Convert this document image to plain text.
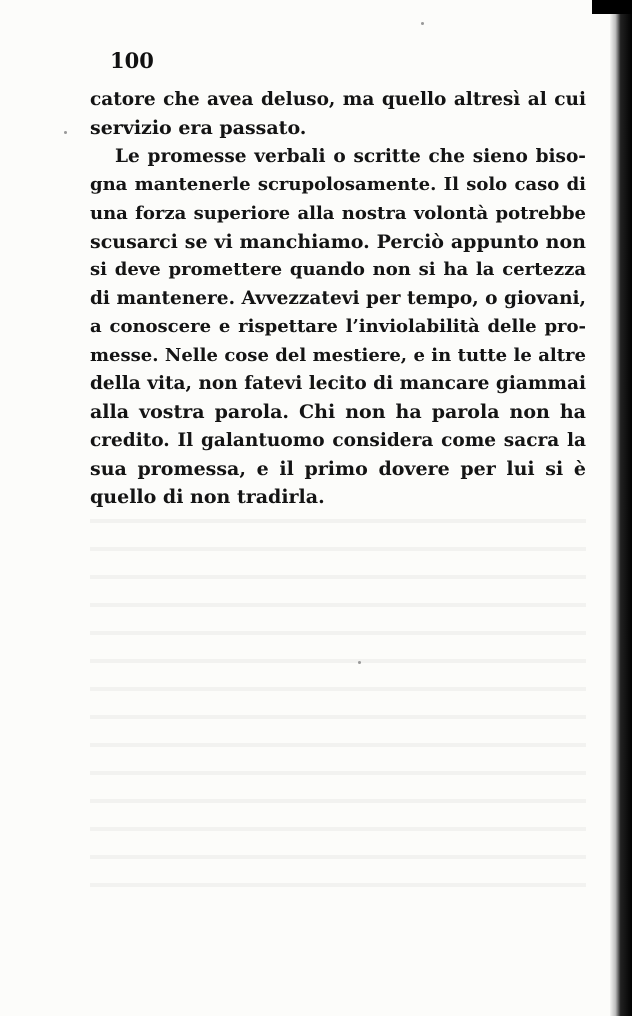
100
catore che avea deluso, ma quello altresì al cui
servizio era passato.
Le promesse verbali o scritte che sieno biso-
gna mantenerle scrupolosamente. Il solo caso di
una forza superiore alla nostra volontà potrebbe
scusarci se vi manchiamo. Perciò appunto non
si deve promettere quando non si ha la certezza
di mantenere. Avvezzatevi per tempo, o giovani,
a conoscere e rispettare l’inviolabilità delle pro-
messe. Nelle cose del mestiere, e in tutte le altre
della vita, non fatevi lecito di mancare giammai
alla vostra parola. Chi non ha parola non ha
credito. Il galantuomo considera come sacra la
sua promessa, e il primo dovere per lui si è
quello di non tradirla.
